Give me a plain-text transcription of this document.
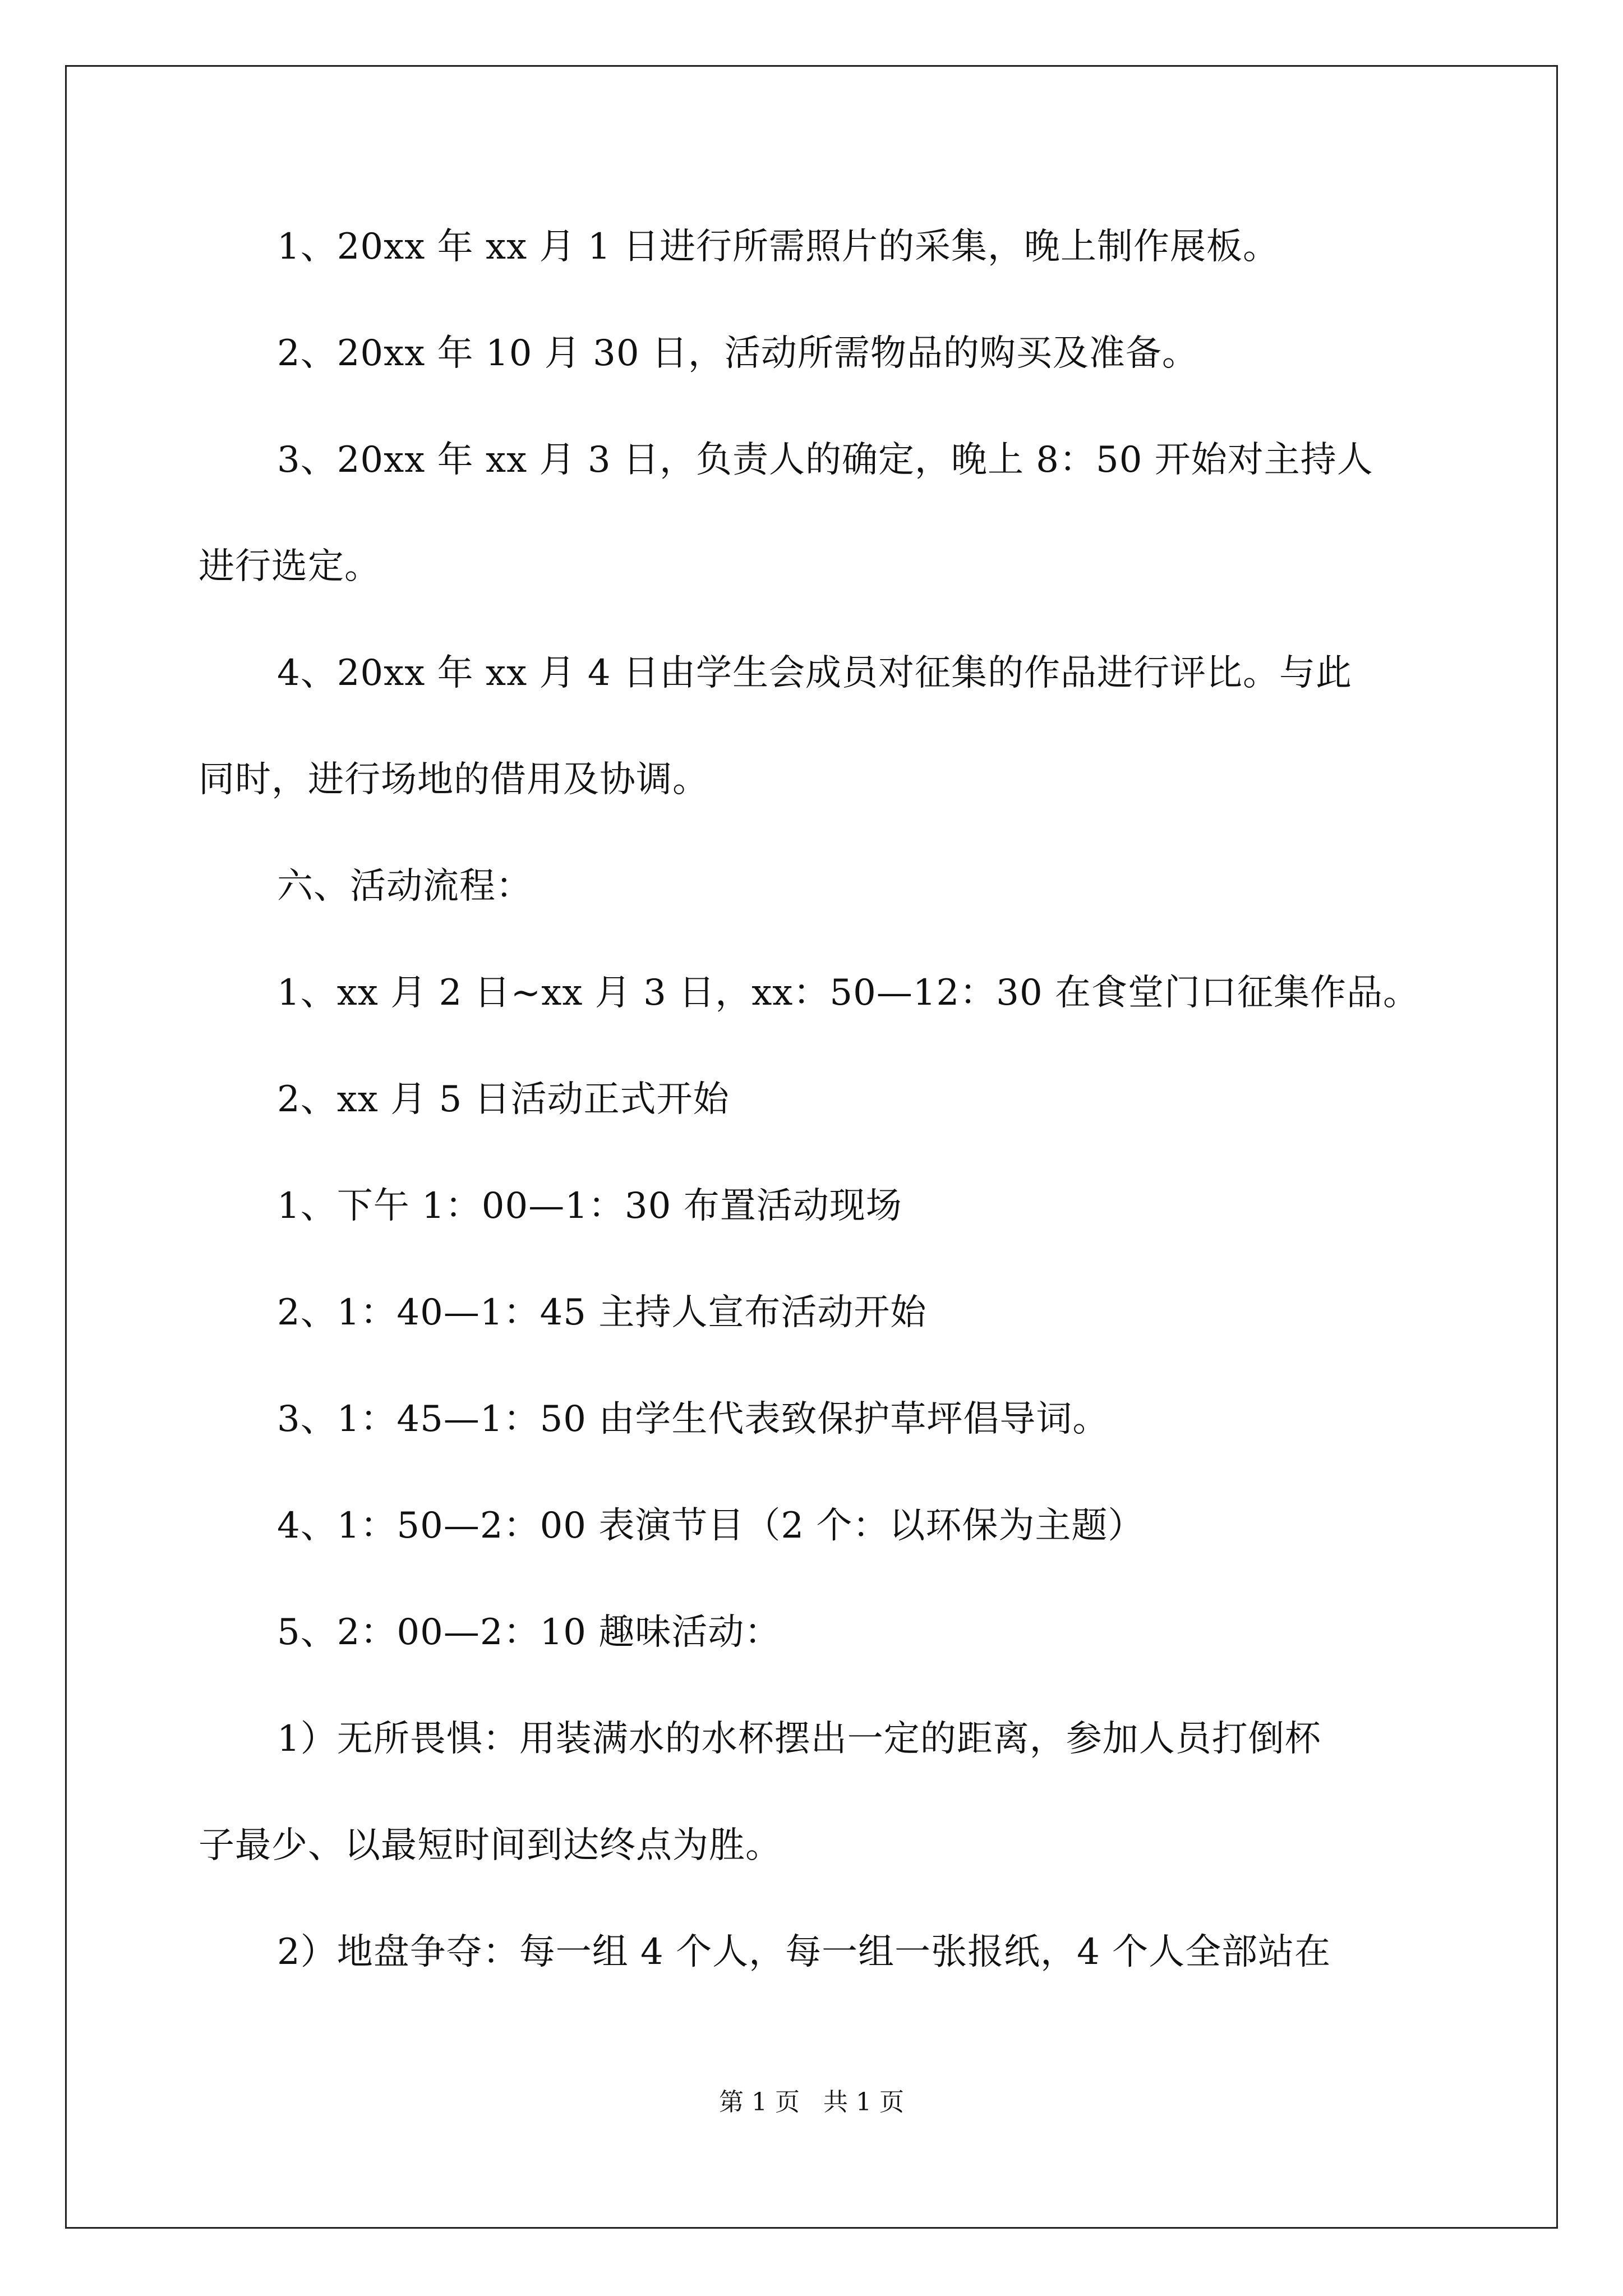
1、20xx 年 xx 月 1 日进行所需照片的采集，晚上制作展板。
2、20xx 年 10 月 30 日，活动所需物品的购买及准备。
3、20xx 年 xx 月 3 日，负责人的确定，晚上 8：50 开始对主持人
进行选定。
4、20xx 年 xx 月 4 日由学生会成员对征集的作品进行评比。与此
同时，进行场地的借用及协调。
六、活动流程：
1、xx 月 2 日~xx 月 3 日，xx：50—12：30 在食堂门口征集作品。
2、xx 月 5 日活动正式开始
1、下午 1：00—1：30 布置活动现场
2、1：40—1：45 主持人宣布活动开始
3、1：45—1：50 由学生代表致保护草坪倡导词。
4、1：50—2：00 表演节目（2 个：以环保为主题）
5、2：00—2：10 趣味活动：
1）无所畏惧：用装满水的水杯摆出一定的距离，参加人员打倒杯
子最少、以最短时间到达终点为胜。
2）地盘争夺：每一组 4 个人，每一组一张报纸，4 个人全部站在
第 1 页 共 1 页
